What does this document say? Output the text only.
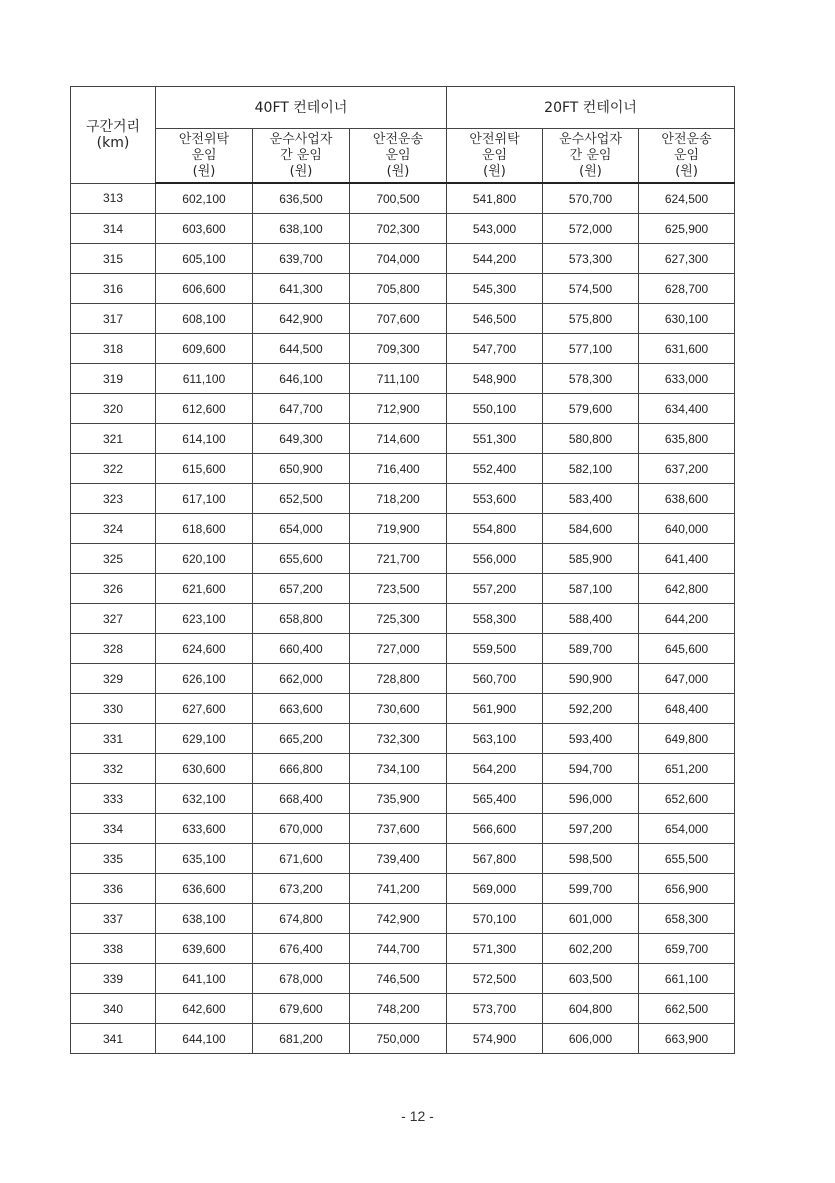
구간거리
(km)	40FT 컨테이너			20FT 컨테이너		

	안전위탁
운임
(원)	운수사업자
간 운임
(원)	안전운송
운임
(원)	안전위탁
운임
(원)	운수사업자
간 운임
(원)	안전운송
운임
(원)

313	602,100	636,500	700,500	541,800	570,700	624,500
314	603,600	638,100	702,300	543,000	572,000	625,900
315	605,100	639,700	704,000	544,200	573,300	627,300
316	606,600	641,300	705,800	545,300	574,500	628,700
317	608,100	642,900	707,600	546,500	575,800	630,100
318	609,600	644,500	709,300	547,700	577,100	631,600
319	611,100	646,100	711,100	548,900	578,300	633,000
320	612,600	647,700	712,900	550,100	579,600	634,400
321	614,100	649,300	714,600	551,300	580,800	635,800
322	615,600	650,900	716,400	552,400	582,100	637,200
323	617,100	652,500	718,200	553,600	583,400	638,600
324	618,600	654,000	719,900	554,800	584,600	640,000
325	620,100	655,600	721,700	556,000	585,900	641,400
326	621,600	657,200	723,500	557,200	587,100	642,800
327	623,100	658,800	725,300	558,300	588,400	644,200
328	624,600	660,400	727,000	559,500	589,700	645,600
329	626,100	662,000	728,800	560,700	590,900	647,000
330	627,600	663,600	730,600	561,900	592,200	648,400
331	629,100	665,200	732,300	563,100	593,400	649,800
332	630,600	666,800	734,100	564,200	594,700	651,200
333	632,100	668,400	735,900	565,400	596,000	652,600
334	633,600	670,000	737,600	566,600	597,200	654,000
335	635,100	671,600	739,400	567,800	598,500	655,500
336	636,600	673,200	741,200	569,000	599,700	656,900
337	638,100	674,800	742,900	570,100	601,000	658,300
338	639,600	676,400	744,700	571,300	602,200	659,700
339	641,100	678,000	746,500	572,500	603,500	661,100
340	642,600	679,600	748,200	573,700	604,800	662,500
341	644,100	681,200	750,000	574,900	606,000	663,900
- 12 -
